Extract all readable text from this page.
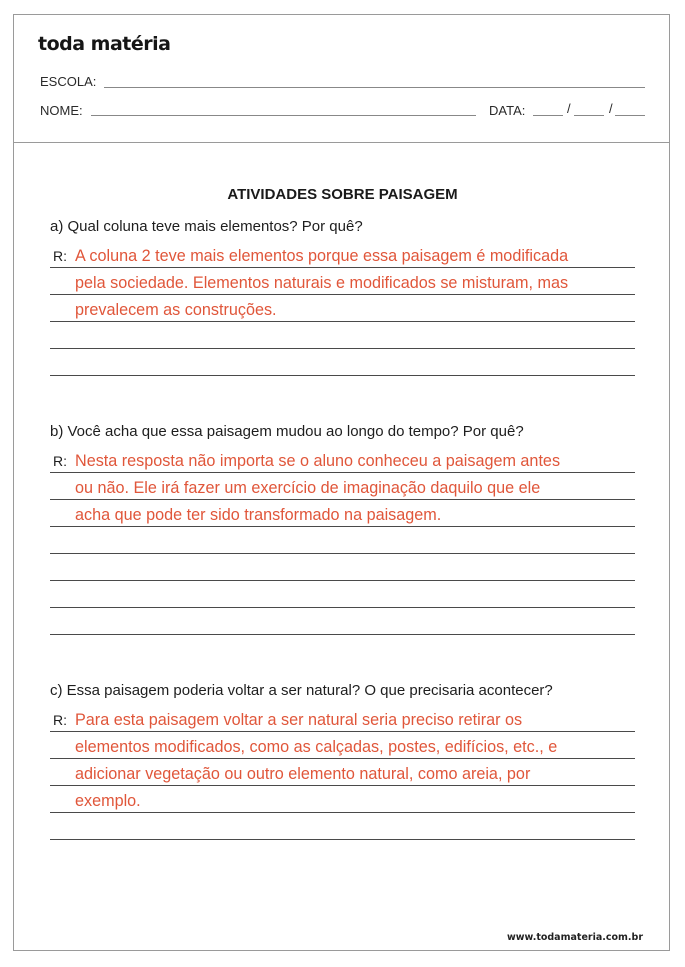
toda matéria
ESCOLA:
NOME:	DATA:	/	/
ATIVIDADES SOBRE PAISAGEM
a) Qual coluna teve mais elementos? Por quê?
R: A coluna 2 teve mais elementos porque essa paisagem é modificada
pela sociedade. Elementos naturais e modificados se misturam, mas
prevalecem as construções.
b) Você acha que essa paisagem mudou ao longo do tempo? Por quê?
R: Nesta resposta não importa se o aluno conheceu a paisagem antes
ou não. Ele irá fazer um exercício de imaginação daquilo que ele
acha que pode ter sido transformado na paisagem.
c) Essa paisagem poderia voltar a ser natural? O que precisaria acontecer?
R: Para esta paisagem voltar a ser natural seria preciso retirar os
elementos modificados, como as calçadas, postes, edifícios, etc., e
adicionar vegetação ou outro elemento natural, como areia, por
exemplo.
www.todamateria.com.br
